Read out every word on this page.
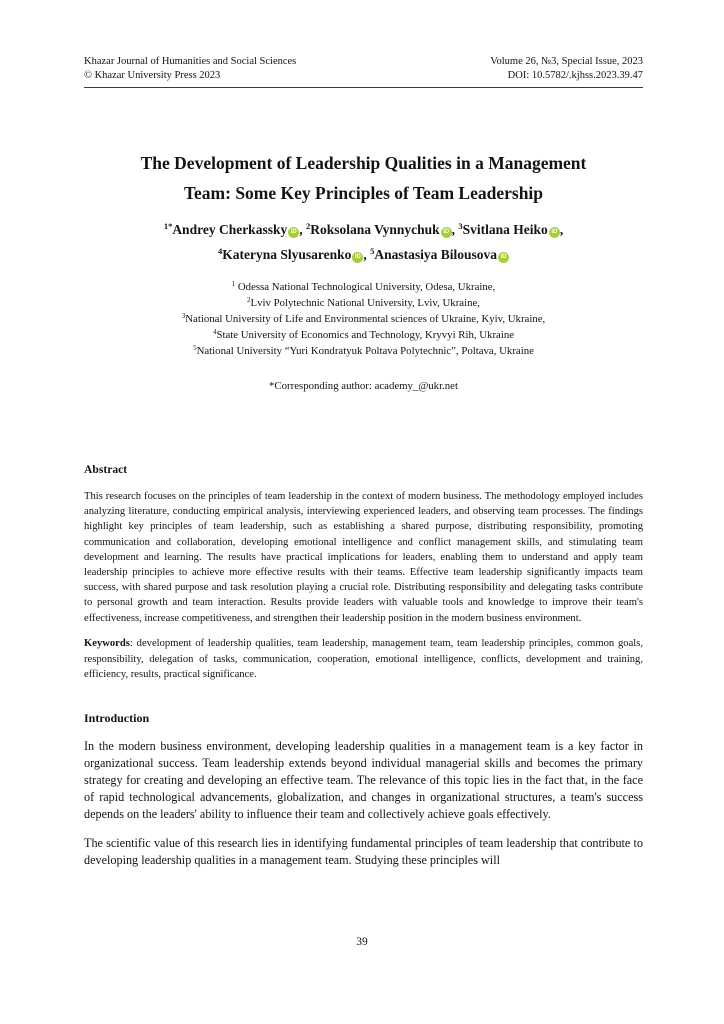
Khazar Journal of Humanities and Social Sciences
© Khazar University Press 2023
Volume 26, №3, Special Issue, 2023
DOI: 10.5782/.kjhss.2023.39.47
The Development of Leadership Qualities in a Management
Team: Some Key Principles of Team Leadership
$^{1*}$Andrey Cherkassky iD , $^2$Roksolana Vynnychuk iD , $^3$Svitlana Heiko iD ,
$^4$Kateryna Slyusarenko iD , $^5$Anastasiya Bilousova iD
$^1$ Odessa National Technological University, Odesa, Ukraine,
$^2$Lviv Polytechnic National University, Lviv, Ukraine,
$^3$National University of Life and Environmental sciences of Ukraine, Kyiv, Ukraine,
$^4$State University of Economics and Technology, Kryvyi Rih, Ukraine
$^5$National University “Yuri Kondratyuk Poltava Polytechnic”, Poltava, Ukraine
*Corresponding author: academy_@ukr.net
Abstract

This research focuses on the principles of team leadership in the context of modern business. The methodology employed includes analyzing literature, conducting empirical analysis, interviewing experienced leaders, and observing team processes. The findings highlight key principles of team leadership, such as establishing a shared purpose, distributing responsibility, promoting communication and collaboration, developing emotional intelligence and conflict management skills, and stimulating team development and learning. The results have practical implications for leaders, enabling them to understand and apply team leadership principles to achieve more effective results with their teams. Effective team leadership significantly impacts team success, with shared purpose and task resolution playing a crucial role. Distributing responsibility and delegating tasks contribute to personal growth and team interaction. Results provide leaders with valuable tools and knowledge to improve their team's effectiveness, increase competitiveness, and strengthen their leadership position in the modern business environment.

Keywords: development of leadership qualities, team leadership, management team, team leadership principles, common goals, responsibility, delegation of tasks, communication, cooperation, emotional intelligence, conflicts, development and training, efficiency, results, practical significance.

Introduction

In the modern business environment, developing leadership qualities in a management team is a key factor in organizational success. Team leadership extends beyond individual managerial skills and becomes the primary strategy for creating and developing an effective team. The relevance of this topic lies in the fact that, in the face of rapid technological advancements, globalization, and changes in organizational structures, a team's success depends on the leaders' ability to influence their team and collectively achieve goals effectively.

The scientific value of this research lies in identifying fundamental principles of team leadership that contribute to developing leadership qualities in a management team. Studying these principles will

39
